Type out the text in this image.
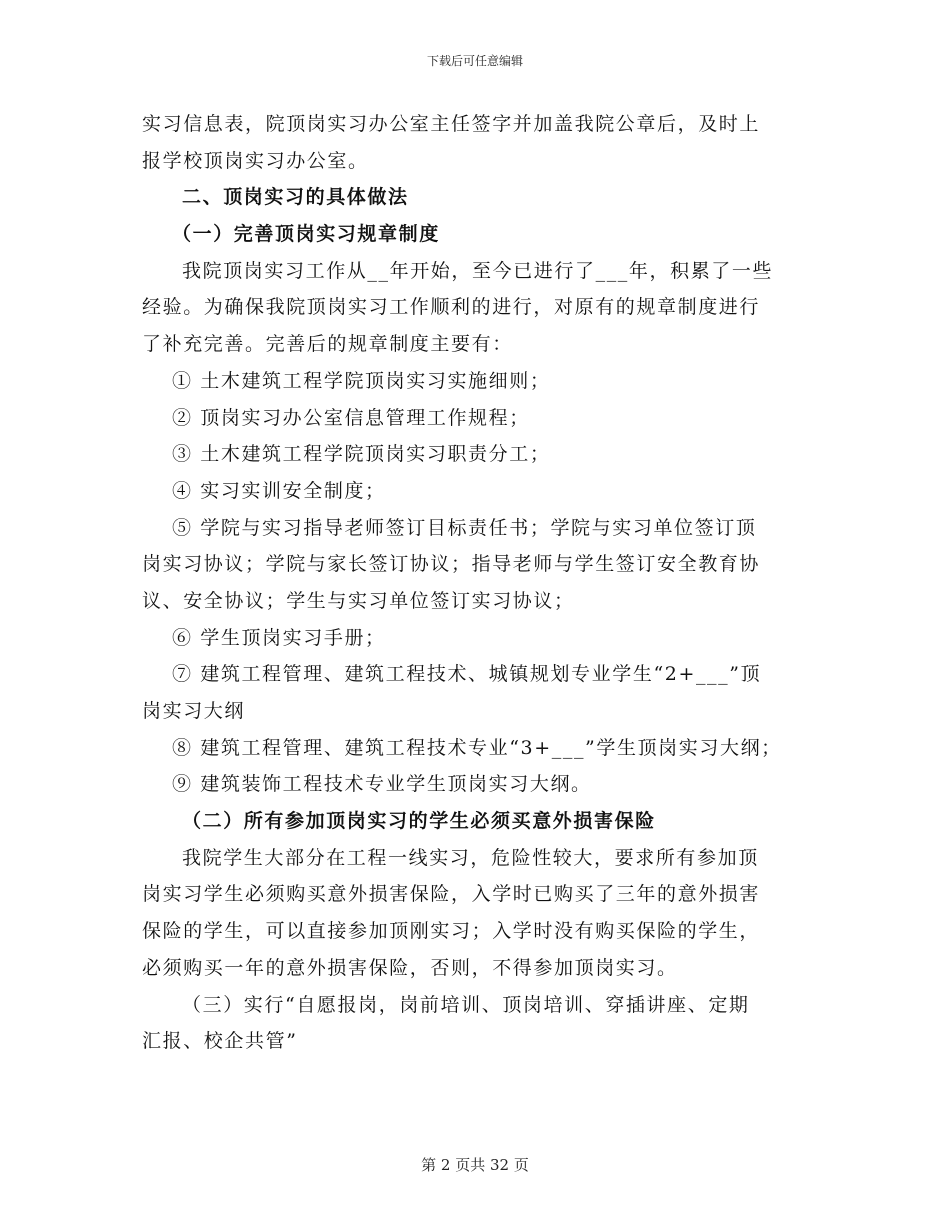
下载后可任意编辑
实习信息表，院顶岗实习办公室主任签字并加盖我院公章后，及时上
报学校顶岗实习办公室。
二、顶岗实习的具体做法
（一）完善顶岗实习规章制度
我院顶岗实习工作从__年开始，至今已进行了___年，积累了一些
经验。为确保我院顶岗实习工作顺利的进行，对原有的规章制度进行
了补充完善。完善后的规章制度主要有：
① 土木建筑工程学院顶岗实习实施细则；
② 顶岗实习办公室信息管理工作规程；
③ 土木建筑工程学院顶岗实习职责分工；
④ 实习实训安全制度；
⑤ 学院与实习指导老师签订目标责任书；学院与实习单位签订顶
岗实习协议；学院与家长签订协议；指导老师与学生签订安全教育协
议、安全协议；学生与实习单位签订实习协议；
⑥ 学生顶岗实习手册；
⑦ 建筑工程管理、建筑工程技术、城镇规划专业学生“2+___”顶
岗实习大纲
⑧ 建筑工程管理、建筑工程技术专业“3+___”学生顶岗实习大纲；
⑨ 建筑装饰工程技术专业学生顶岗实习大纲。
（二）所有参加顶岗实习的学生必须买意外损害保险
我院学生大部分在工程一线实习，危险性较大，要求所有参加顶
岗实习学生必须购买意外损害保险，入学时已购买了三年的意外损害
保险的学生，可以直接参加顶刚实习；入学时没有购买保险的学生，
必须购买一年的意外损害保险，否则，不得参加顶岗实习。
（三）实行“自愿报岗，岗前培训、顶岗培训、穿插讲座、定期
汇报、校企共管”
第 2 页共 32 页
